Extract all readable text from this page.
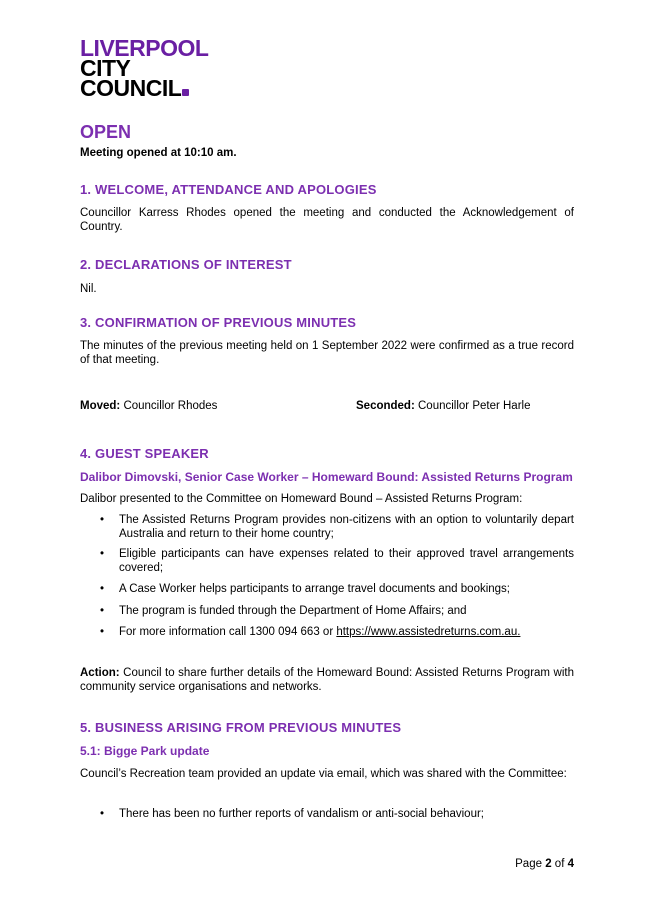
LIVERPOOL
CITY
COUNCIL
OPEN
Meeting opened at 10:10 am.
1. WELCOME, ATTENDANCE AND APOLOGIES
Councillor Karress Rhodes opened the meeting and conducted the Acknowledgement of Country.
2. DECLARATIONS OF INTEREST
Nil.
3. CONFIRMATION OF PREVIOUS MINUTES
The minutes of the previous meeting held on 1 September 2022 were confirmed as a true record of that meeting.
Moved: Councillor Rhodes	Seconded: Councillor Peter Harle
4. GUEST SPEAKER
Dalibor Dimovski, Senior Case Worker – Homeward Bound: Assisted Returns Program
Dalibor presented to the Committee on Homeward Bound – Assisted Returns Program:
• The Assisted Returns Program provides non-citizens with an option to voluntarily depart Australia and return to their home country;
• Eligible participants can have expenses related to their approved travel arrangements covered;
• A Case Worker helps participants to arrange travel documents and bookings;
• The program is funded through the Department of Home Affairs; and
• For more information call 1300 094 663 or https://www.assistedreturns.com.au.
Action: Council to share further details of the Homeward Bound: Assisted Returns Program with community service organisations and networks.
5. BUSINESS ARISING FROM PREVIOUS MINUTES
5.1: Bigge Park update
Council’s Recreation team provided an update via email, which was shared with the Committee:
• There has been no further reports of vandalism or anti-social behaviour;
Page 2 of 4
